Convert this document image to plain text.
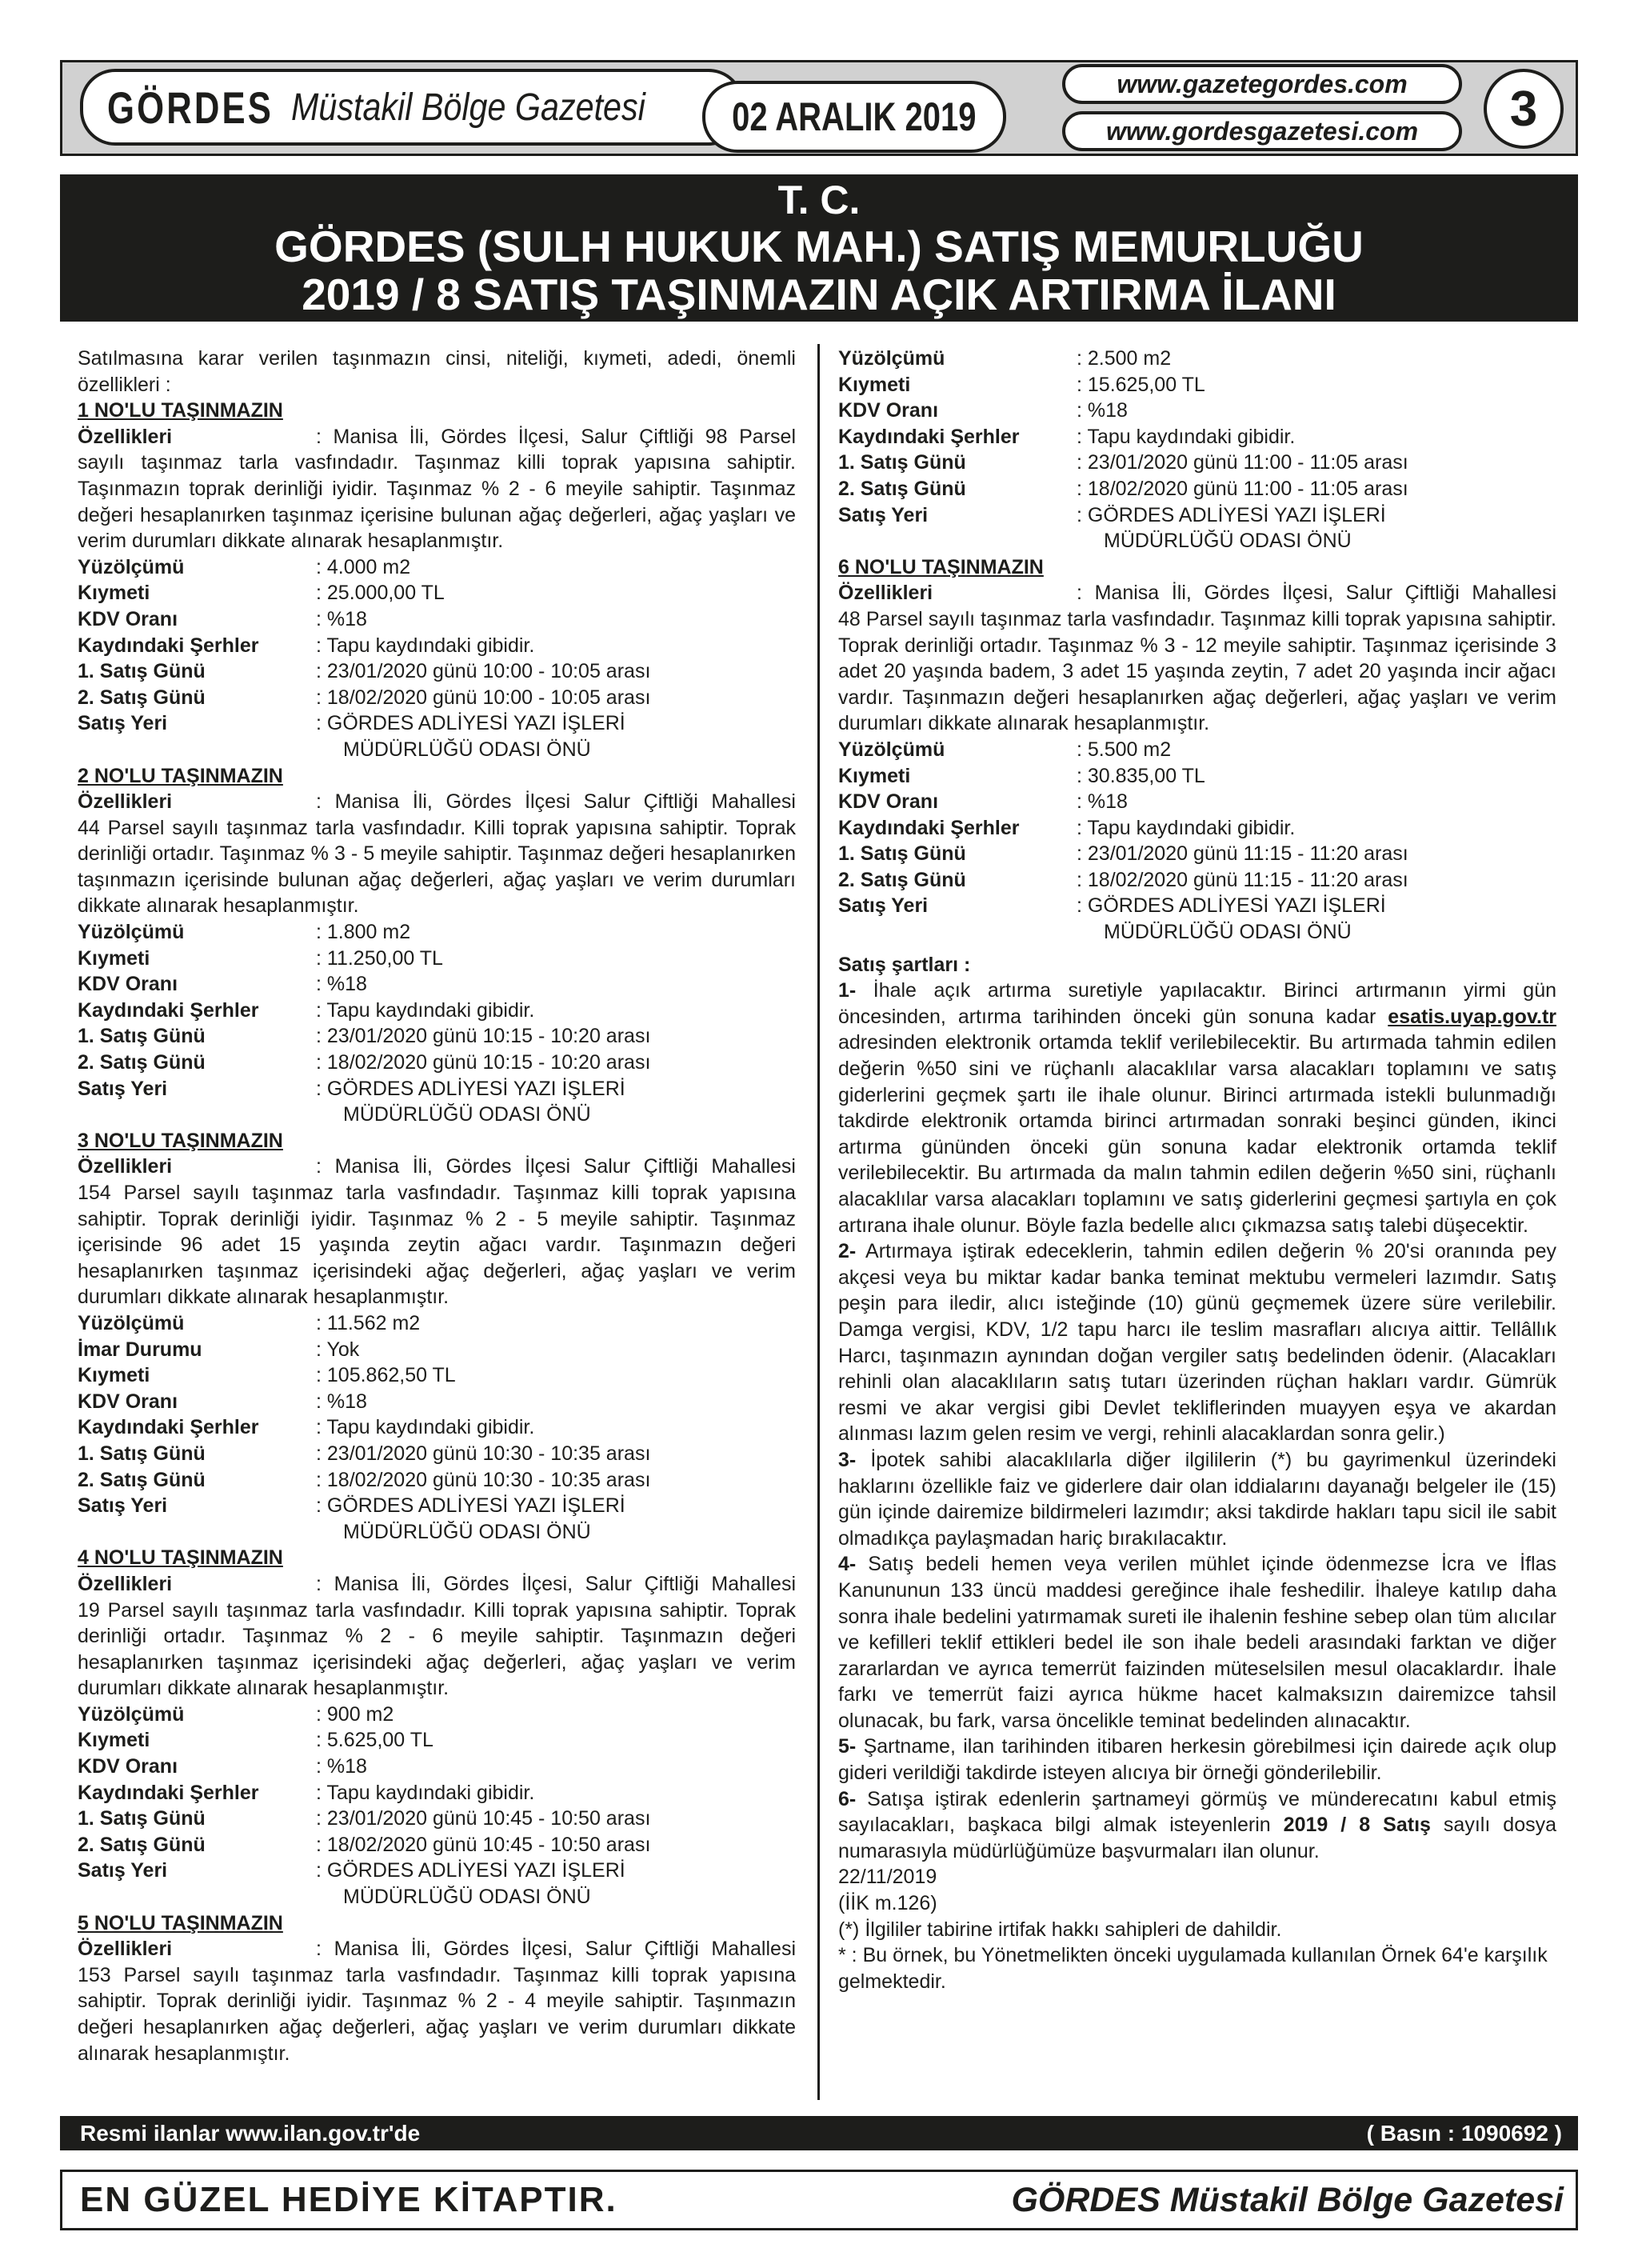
GÖRDES Müstakil Bölge Gazetesi 02 ARALIK 2019
www.gazetegordes.com
www.gordesgazetesi.com	3
T. C.
GÖRDES (SULH HUKUK MAH.) SATIŞ MEMURLUĞU
2019 / 8 SATIŞ TAŞINMAZIN AÇIK ARTIRMA İLANI

Satılmasına karar verilen taşınmazın cinsi, niteliği, kıymeti, adedi, önemli özellikleri :

1 NO'LU TAŞINMAZIN
Özellikleri	: Manisa İli, Gördes İlçesi, Salur Çiftliği 98 Parsel

sayılı taşınmaz tarla vasfındadır. Taşınmaz killi toprak yapısına sahiptir. Taşınmazın toprak derinliği iyidir. Taşınmaz % 2 - 6 meyile sahiptir. Taşınmaz değeri hesaplanırken taşınmaz içerisine bulunan ağaç değerleri, ağaç yaşları ve verim durumları dikkate alınarak hesaplanmıştır.

Yüzölçümü	: 4.000 m2
Kıymeti	: 25.000,00 TL
KDV Oranı	: %18
Kaydındaki Şerhler	: Tapu kaydındaki gibidir.
1. Satış Günü	: 23/01/2020 günü 10:00 - 10:05 arası
2. Satış Günü	: 18/02/2020 günü 10:00 - 10:05 arası
Satış Yeri	: GÖRDES ADLİYESİ YAZI İŞLERİ
MÜDÜRLÜĞÜ ODASI ÖNÜ
2 NO'LU TAŞINMAZIN
Özellikleri	: Manisa İli, Gördes İlçesi Salur Çiftliği Mahallesi

44 Parsel sayılı taşınmaz tarla vasfındadır. Killi toprak yapısına sahiptir. Toprak derinliği ortadır. Taşınmaz % 3 - 5 meyile sahiptir. Taşınmaz değeri hesaplanırken taşınmazın içerisinde bulunan ağaç değerleri, ağaç yaşları ve verim durumları dikkate alınarak hesaplanmıştır.

Yüzölçümü	: 1.800 m2
Kıymeti	: 11.250,00 TL
KDV Oranı	: %18
Kaydındaki Şerhler	: Tapu kaydındaki gibidir.
1. Satış Günü	: 23/01/2020 günü 10:15 - 10:20 arası
2. Satış Günü	: 18/02/2020 günü 10:15 - 10:20 arası
Satış Yeri	: GÖRDES ADLİYESİ YAZI İŞLERİ
MÜDÜRLÜĞÜ ODASI ÖNÜ
3 NO'LU TAŞINMAZIN
Özellikleri	: Manisa İli, Gördes İlçesi Salur Çiftliği Mahallesi

154 Parsel sayılı taşınmaz tarla vasfındadır. Taşınmaz killi toprak yapısına sahiptir. Toprak derinliği iyidir. Taşınmaz % 2 - 5 meyile sahiptir. Taşınmaz içerisinde 96 adet 15 yaşında zeytin ağacı vardır. Taşınmazın değeri hesaplanırken taşınmaz içerisindeki ağaç değerleri, ağaç yaşları ve verim durumları dikkate alınarak hesaplanmıştır.

Yüzölçümü	: 11.562 m2
İmar Durumu	: Yok
Kıymeti	: 105.862,50 TL
KDV Oranı	: %18
Kaydındaki Şerhler	: Tapu kaydındaki gibidir.
1. Satış Günü	: 23/01/2020 günü 10:30 - 10:35 arası
2. Satış Günü	: 18/02/2020 günü 10:30 - 10:35 arası
Satış Yeri	: GÖRDES ADLİYESİ YAZI İŞLERİ
MÜDÜRLÜĞÜ ODASI ÖNÜ
4 NO'LU TAŞINMAZIN
Özellikleri	: Manisa İli, Gördes İlçesi, Salur Çiftliği Mahallesi

19 Parsel sayılı taşınmaz tarla vasfındadır. Killi toprak yapısına sahiptir. Toprak derinliği ortadır. Taşınmaz % 2 - 6 meyile sahiptir. Taşınmazın değeri hesaplanırken taşınmaz içerisindeki ağaç değerleri, ağaç yaşları ve verim durumları dikkate alınarak hesaplanmıştır.

Yüzölçümü	: 900 m2
Kıymeti	: 5.625,00 TL
KDV Oranı	: %18
Kaydındaki Şerhler	: Tapu kaydındaki gibidir.
1. Satış Günü	: 23/01/2020 günü 10:45 - 10:50 arası
2. Satış Günü	: 18/02/2020 günü 10:45 - 10:50 arası
Satış Yeri	: GÖRDES ADLİYESİ YAZI İŞLERİ
MÜDÜRLÜĞÜ ODASI ÖNÜ
5 NO'LU TAŞINMAZIN
Özellikleri	: Manisa İli, Gördes İlçesi, Salur Çiftliği Mahallesi

153 Parsel sayılı taşınmaz tarla vasfındadır. Taşınmaz killi toprak yapısına sahiptir. Toprak derinliği iyidir. Taşınmaz % 2 - 4 meyile sahiptir. Taşınmazın değeri hesaplanırken ağaç değerleri, ağaç yaşları ve verim durumları dikkate alınarak hesaplanmıştır.

Yüzölçümü	: 2.500 m2
Kıymeti	: 15.625,00 TL
KDV Oranı	: %18
Kaydındaki Şerhler	: Tapu kaydındaki gibidir.
1. Satış Günü	: 23/01/2020 günü 11:00 - 11:05 arası
2. Satış Günü	: 18/02/2020 günü 11:00 - 11:05 arası
Satış Yeri	: GÖRDES ADLİYESİ YAZI İŞLERİ
MÜDÜRLÜĞÜ ODASI ÖNÜ
6 NO'LU TAŞINMAZIN
Özellikleri	: Manisa İli, Gördes İlçesi, Salur Çiftliği Mahallesi

48 Parsel sayılı taşınmaz tarla vasfındadır. Taşınmaz killi toprak yapısına sahiptir. Toprak derinliği ortadır. Taşınmaz % 3 - 12 meyile sahiptir. Taşınmaz içerisinde 3 adet 20 yaşında badem, 3 adet 15 yaşında zeytin, 7 adet 20 yaşında incir ağacı vardır. Taşınmazın değeri hesaplanırken ağaç değerleri, ağaç yaşları ve verim durumları dikkate alınarak hesaplanmıştır.

Yüzölçümü	: 5.500 m2
Kıymeti	: 30.835,00 TL
KDV Oranı	: %18
Kaydındaki Şerhler	: Tapu kaydındaki gibidir.
1. Satış Günü	: 23/01/2020 günü 11:15 - 11:20 arası
2. Satış Günü	: 18/02/2020 günü 11:15 - 11:20 arası
Satış Yeri	: GÖRDES ADLİYESİ YAZI İŞLERİ
MÜDÜRLÜĞÜ ODASI ÖNÜ
Satış şartları :

1- İhale açık artırma suretiyle yapılacaktır. Birinci artırmanın yirmi gün öncesinden, artırma tarihinden önceki gün sonuna kadar esatis.uyap.gov.tr adresinden elektronik ortamda teklif verilebilecektir. Bu artırmada tahmin edilen değerin %50 sini ve rüçhanlı alacaklılar varsa alacakları toplamını ve satış giderlerini geçmek şartı ile ihale olunur. Birinci artırmada istekli bulunmadığı takdirde elektronik ortamda birinci artırmadan sonraki beşinci günden, ikinci artırma gününden önceki gün sonuna kadar elektronik ortamda teklif verilebilecektir. Bu artırmada da malın tahmin edilen değerin %50 sini, rüçhanlı alacaklılar varsa alacakları toplamını ve satış giderlerini geçmesi şartıyla en çok artırana ihale olunur. Böyle fazla bedelle alıcı çıkmazsa satış talebi düşecektir.

2- Artırmaya iştirak edeceklerin, tahmin edilen değerin % 20'si oranında pey akçesi veya bu miktar kadar banka teminat mektubu vermeleri lazımdır. Satış peşin para iledir, alıcı isteğinde (10) günü geçmemek üzere süre verilebilir. Damga vergisi, KDV, 1/2 tapu harcı ile teslim masrafları alıcıya aittir. Tellâllık Harcı, taşınmazın aynından doğan vergiler satış bedelinden ödenir. (Alacakları rehinli olan alacaklıların satış tutarı üzerinden rüçhan hakları vardır. Gümrük resmi ve akar vergisi gibi Devlet tekliflerinden muayyen eşya ve akardan alınması lazım gelen resim ve vergi, rehinli alacaklardan sonra gelir.)

3- İpotek sahibi alacaklılarla diğer ilgililerin (*) bu gayrimenkul üzerindeki haklarını özellikle faiz ve giderlere dair olan iddialarını dayanağı belgeler ile (15) gün içinde dairemize bildirmeleri lazımdır; aksi takdirde hakları tapu sicil ile sabit olmadıkça paylaşmadan hariç bırakılacaktır.

4- Satış bedeli hemen veya verilen mühlet içinde ödenmezse İcra ve İflas Kanununun 133 üncü maddesi gereğince ihale feshedilir. İhaleye katılıp daha sonra ihale bedelini yatırmamak sureti ile ihalenin feshine sebep olan tüm alıcılar ve kefilleri teklif ettikleri bedel ile son ihale bedeli arasındaki farktan ve diğer zararlardan ve ayrıca temerrüt faizinden müteselsilen mesul olacaklardır. İhale farkı ve temerrüt faizi ayrıca hükme hacet kalmaksızın dairemizce tahsil olunacak, bu fark, varsa öncelikle teminat bedelinden alınacaktır.

5- Şartname, ilan tarihinden itibaren herkesin görebilmesi için dairede açık olup gideri verildiği takdirde isteyen alıcıya bir örneği gönderilebilir.

6- Satışa iştirak edenlerin şartnameyi görmüş ve münderecatını kabul etmiş sayılacakları, başkaca bilgi almak isteyenlerin 2019 / 8 Satış sayılı dosya numarasıyla müdürlüğümüze başvurmaları ilan olunur.

22/11/2019
(İİK m.126)
(*) İlgililer tabirine irtifak hakkı sahipleri de dahildir.
* : Bu örnek, bu Yönetmelikten önceki uygulamada kullanılan Örnek 64'e karşılık gelmektedir.
Resmi ilanlar www.ilan.gov.tr'de	( Basın : 1090692 )
EN GÜZEL HEDİYE KİTAPTIR.	GÖRDES Müstakil Bölge Gazetesi
